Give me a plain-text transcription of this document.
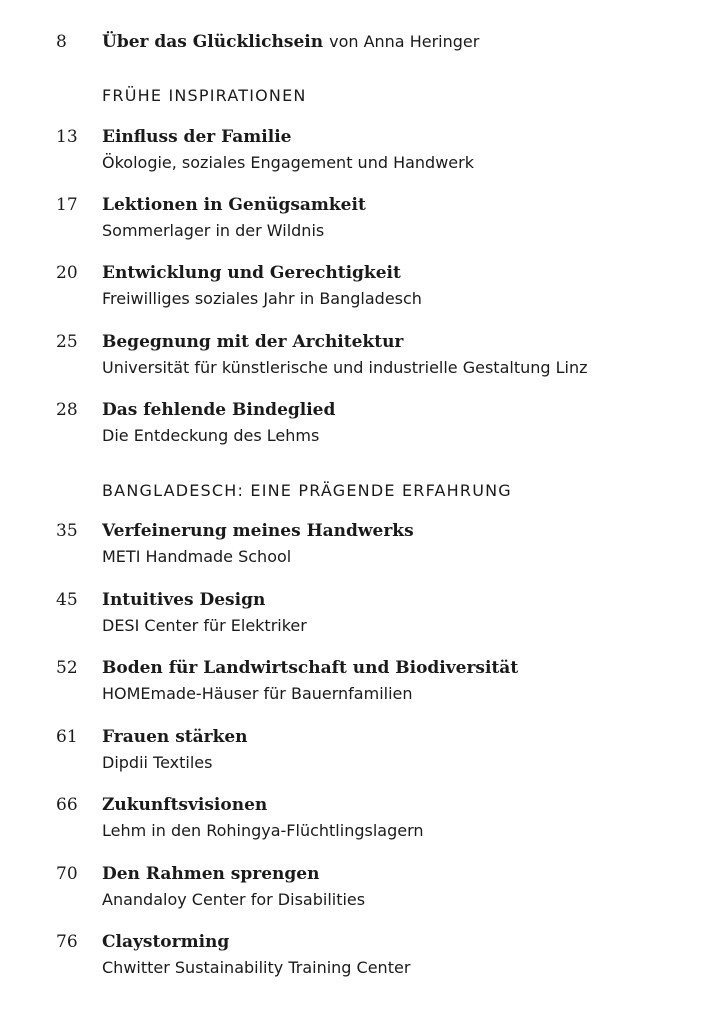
8 Über das Glücklichsein von Anna Heringer
FRÜHE INSPIRATIONEN
13 Einfluss der Familie
Ökologie, soziales Engagement und Handwerk
17 Lektionen in Genügsamkeit
Sommerlager in der Wildnis
20 Entwicklung und Gerechtigkeit
Freiwilliges soziales Jahr in Bangladesch
25 Begegnung mit der Architektur
Universität für künstlerische und industrielle Gestaltung Linz
28 Das fehlende Bindeglied
Die Entdeckung des Lehms
BANGLADESCH: EINE PRÄGENDE ERFAHRUNG
35 Verfeinerung meines Handwerks
METI Handmade School
45 Intuitives Design
DESI Center für Elektriker
52 Boden für Landwirtschaft und Biodiversität
HOMEmade-Häuser für Bauernfamilien
61 Frauen stärken
Dipdii Textiles
66 Zukunftsvisionen
Lehm in den Rohingya-Flüchtlingslagern
70 Den Rahmen sprengen
Anandaloy Center for Disabilities
76 Claystorming
Chwitter Sustainability Training Center
